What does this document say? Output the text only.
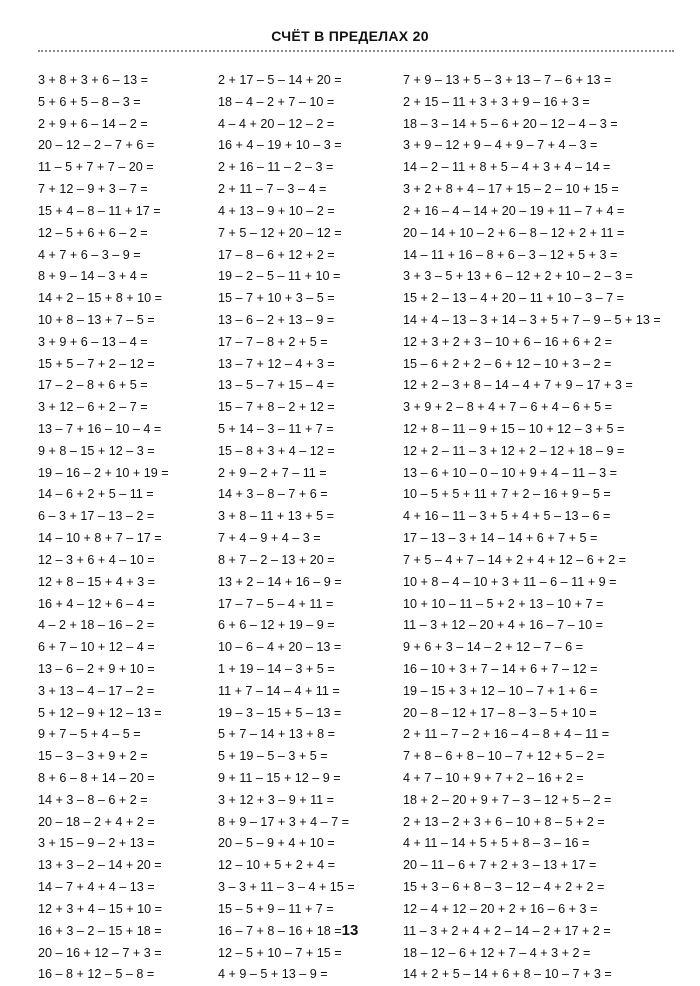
СЧЁТ В ПРЕДЕЛАХ 20
3 + 8 + 3 + 6 – 13 =
5 + 6 + 5 – 8 – 3 =
2 + 9 + 6 – 14 – 2 =
20 – 12 – 2 – 7 + 6 =
11 – 5 + 7 + 7 – 20 =
7 + 12 – 9 + 3 – 7 =
15 + 4 – 8 – 11 + 17 =
12 – 5 + 6 + 6 – 2 =
4 + 7 + 6 – 3 – 9 =
8 + 9 – 14 – 3 + 4 =
14 + 2 – 15 + 8 + 10 =
10 + 8 – 13 + 7 – 5 =
3 + 9 + 6 – 13 – 4 =
15 + 5 – 7 + 2 – 12 =
17 – 2 – 8 + 6 + 5 =
3 + 12 – 6 + 2 – 7 =
13 – 7 + 16 – 10 – 4 =
9 + 8 – 15 + 12 – 3 =
19 – 16 – 2 + 10 + 19 =
14 – 6 + 2 + 5 – 11 =
6 – 3 + 17 – 13 – 2 =
14 – 10 + 8 + 7 – 17 =
12 – 3 + 6 + 4 – 10 =
12 + 8 – 15 + 4 + 3 =
16 + 4 – 12 + 6 – 4 =
4 – 2 + 18 – 16 – 2 =
6 + 7 – 10 + 12 – 4 =
13 – 6 – 2 + 9 + 10 =
3 + 13 – 4 – 17 – 2 =
5 + 12 – 9 + 12 – 13 =
9 + 7 – 5 + 4 – 5 =
15 – 3 – 3 + 9 + 2 =
8 + 6 – 8 + 14 – 20 =
14 + 3 – 8 – 6 + 2 =
20 – 18 – 2 + 4 + 2 =
3 + 15 – 9 – 2 + 13 =
13 + 3 – 2 – 14 + 20 =
14 – 7 + 4 + 4 – 13 =
12 + 3 + 4 – 15 + 10 =
16 + 3 – 2 – 15 + 18 =
20 – 16 + 12 – 7 + 3 =
16 – 8 + 12 – 5 – 8 =
2 + 17 – 5 – 14 + 20 =
18 – 4 – 2 + 7 – 10 =
4 – 4 + 20 – 12 – 2 =
16 + 4 – 19 + 10 – 3 =
2 + 16 – 11 – 2 – 3 =
2 + 11 – 7 – 3 – 4 =
4 + 13 – 9 + 10 – 2 =
7 + 5 – 12 + 20 – 12 =
17 – 8 – 6 + 12 + 2 =
19 – 2 – 5 – 11 + 10 =
15 – 7 + 10 + 3 – 5 =
13 – 6 – 2 + 13 – 9 =
17 – 7 – 8 + 2 + 5 =
13 – 7 + 12 – 4 + 3 =
13 – 5 – 7 + 15 – 4 =
15 – 7 + 8 – 2 + 12 =
5 + 14 – 3 – 11 + 7 =
15 – 8 + 3 + 4 – 12 =
2 + 9 – 2 + 7 – 11 =
14 + 3 – 8 – 7 + 6 =
3 + 8 – 11 + 13 + 5 =
7 + 4 – 9 + 4 – 3 =
8 + 7 – 2 – 13 + 20 =
13 + 2 – 14 + 16 – 9 =
17 – 7 – 5 – 4 + 11 =
6 + 6 – 12 + 19 – 9 =
10 – 6 – 4 + 20 – 13 =
1 + 19 – 14 – 3 + 5 =
11 + 7 – 14 – 4 + 11 =
19 – 3 – 15 + 5 – 13 =
5 + 7 – 14 + 13 + 8 =
5 + 19 – 5 – 3 + 5 =
9 + 11 – 15 + 12 – 9 =
3 + 12 + 3 – 9 + 11 =
8 + 9 – 17 + 3 + 4 – 7 =
20 – 5 – 9 + 4 + 10 =
12 – 10 + 5 + 2 + 4 =
3 – 3 + 11 – 3 – 4 + 15 =
15 – 5 + 9 – 11 + 7 =
16 – 7 + 8 – 16 + 18 =
12 – 5 + 10 – 7 + 15 =
4 + 9 – 5 + 13 – 9 =
7 + 9 – 13 + 5 – 3 + 13 – 7 – 6 + 13 =
2 + 15 – 11 + 3 + 3 + 9 – 16 + 3 =
18 – 3 – 14 + 5 – 6 + 20 – 12 – 4 – 3 =
3 + 9 – 12 + 9 – 4 + 9 – 7 + 4 – 3 =
14 – 2 – 11 + 8 + 5 – 4 + 3 + 4 – 14 =
3 + 2 + 8 + 4 – 17 + 15 – 2 – 10 + 15 =
2 + 16 – 4 – 14 + 20 – 19 + 11 – 7 + 4 =
20 – 14 + 10 – 2 + 6 – 8 – 12 + 2 + 11 =
14 – 11 + 16 – 8 + 6 – 3 – 12 + 5 + 3 =
3 + 3 – 5 + 13 + 6 – 12 + 2 + 10 – 2 – 3 =
15 + 2 – 13 – 4 + 20 – 11 + 10 – 3 – 7 =
14 + 4 – 13 – 3 + 14 – 3 + 5 + 7 – 9 – 5 + 13 =
12 + 3 + 2 + 3 – 10 + 6 – 16 + 6 + 2 =
15 – 6 + 2 + 2 – 6 + 12 – 10 + 3 – 2 =
12 + 2 – 3 + 8 – 14 – 4 + 7 + 9 – 17 + 3 =
3 + 9 + 2 – 8 + 4 + 7 – 6 + 4 – 6 + 5 =
12 + 8 – 11 – 9 + 15 – 10 + 12 – 3 + 5 =
12 + 2 – 11 – 3 + 12 + 2 – 12 + 18 – 9 =
13 – 6 + 10 – 0 – 10 + 9 + 4 – 11 – 3 =
10 – 5 + 5 + 11 + 7 + 2 – 16 + 9 – 5 =
4 + 16 – 11 – 3 + 5 + 4 + 5 – 13 – 6 =
17 – 13 – 3 + 14 – 14 + 6 + 7 + 5 =
7 + 5 – 4 + 7 – 14 + 2 + 4 + 12 – 6 + 2 =
10 + 8 – 4 – 10 + 3 + 11 – 6 – 11 + 9 =
10 + 10 – 11 – 5 + 2 + 13 – 10 + 7 =
11 – 3 + 12 – 20 + 4 + 16 – 7 – 10 =
9 + 6 + 3 – 14 – 2 + 12 – 7 – 6 =
16 – 10 + 3 + 7 – 14 + 6 + 7 – 12 =
19 – 15 + 3 + 12 – 10 – 7 + 1 + 6 =
20 – 8 – 12 + 17 – 8 – 3 – 5 + 10 =
2 + 11 – 7 – 2 + 16 – 4 – 8 + 4 – 11 =
7 + 8 – 6 + 8 – 10 – 7 + 12 + 5 – 2 =
4 + 7 – 10 + 9 + 7 + 2 – 16 + 2 =
18 + 2 – 20 + 9 + 7 – 3 – 12 + 5 – 2 =
2 + 13 – 2 + 3 + 6 – 10 + 8 – 5 + 2 =
4 + 11 – 14 + 5 + 5 + 8 – 3 – 16 =
20 – 11 – 6 + 7 + 2 + 3 – 13 + 17 =
15 + 3 – 6 + 8 – 3 – 12 – 4 + 2 + 2 =
12 – 4 + 12 – 20 + 2 + 16 – 6 + 3 =
11 – 3 + 2 + 4 + 2 – 14 – 2 + 17 + 2 =
18 – 12 – 6 + 12 + 7 – 4 + 3 + 2 =
14 + 2 + 5 – 14 + 6 + 8 – 10 – 7 + 3 =
13
